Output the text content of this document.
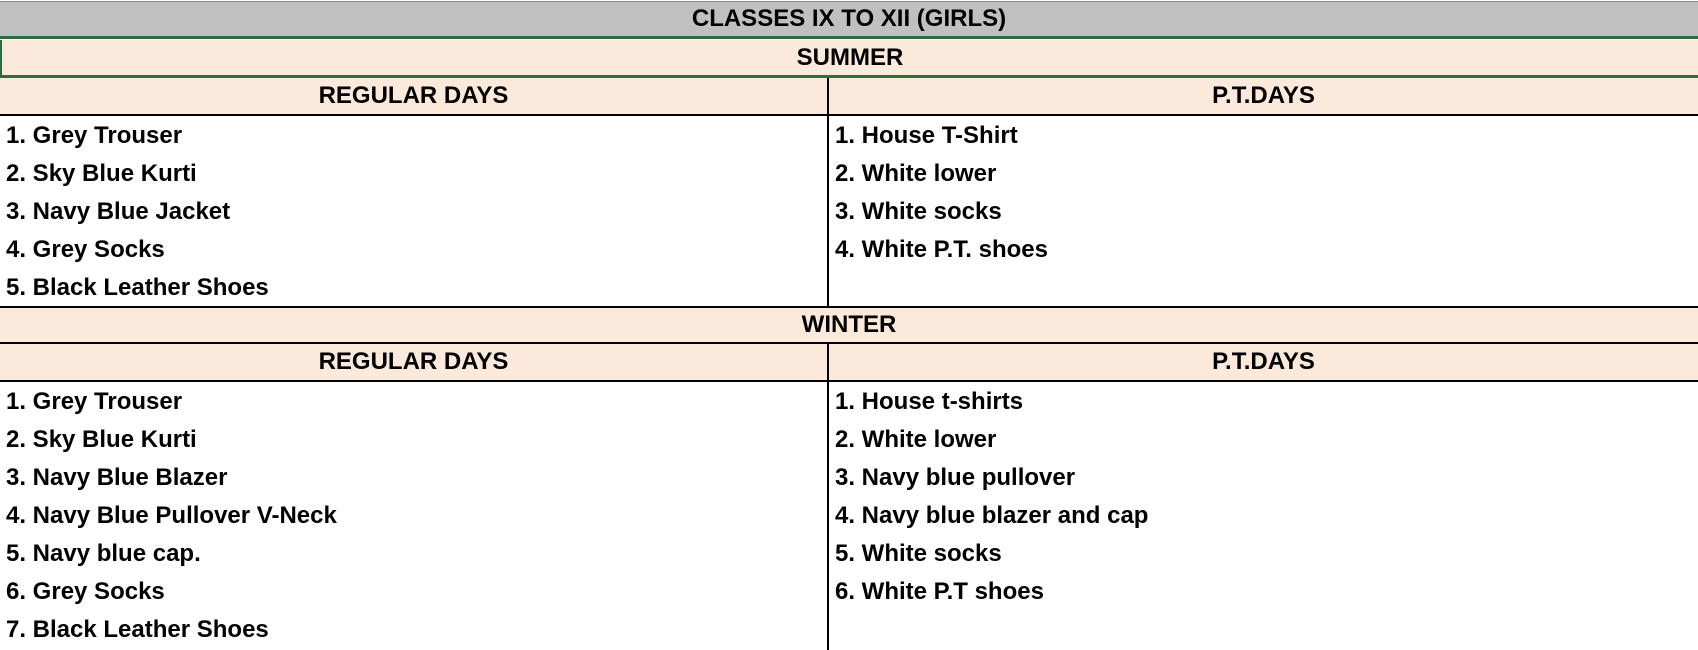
CLASSES IX TO XII (GIRLS)
SUMMER
REGULAR DAYS	P.T.DAYS
1. Grey Trouser
2. Sky Blue Kurti
3. Navy Blue Jacket
4. Grey Socks
5. Black Leather Shoes
1. House T-Shirt
2. White lower
3. White socks
4. White P.T. shoes
WINTER
REGULAR DAYS	P.T.DAYS
1. Grey Trouser
2. Sky Blue Kurti
3. Navy Blue Blazer
4. Navy Blue Pullover V-Neck
5. Navy blue cap.
6. Grey Socks
7. Black Leather Shoes
1. House t-shirts
2. White lower
3. Navy blue pullover
4. Navy blue blazer and cap
5. White socks
6. White P.T shoes
